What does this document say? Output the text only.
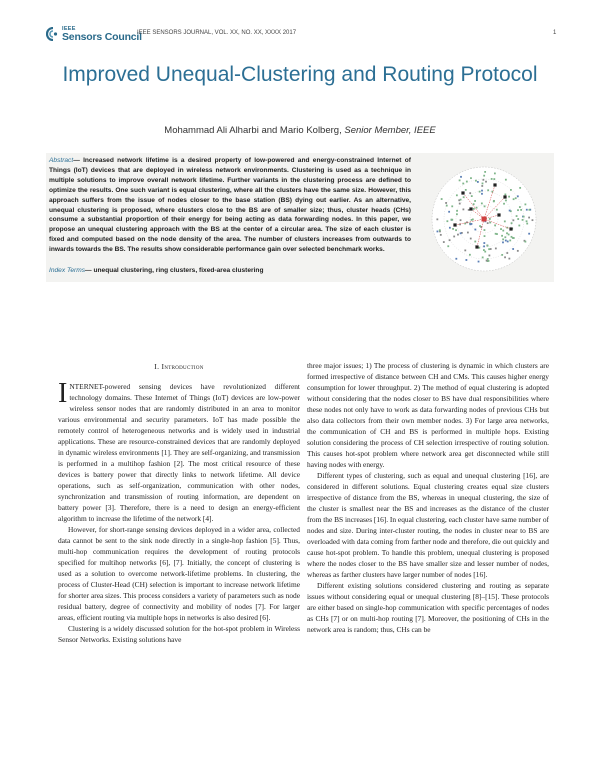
IEEE
Sensors Council
IEEE SENSORS JOURNAL, VOL. XX, NO. XX, XXXX 2017	1
Improved Unequal-Clustering and Routing Protocol
Mohammad Ali Alharbi and Mario Kolberg, Senior Member, IEEE
Abstract— Increased network lifetime is a desired property of low-powered and energy-constrained Internet of Things (IoT) devices that are deployed in wireless network environments. Clustering is used as a technique in multiple solutions to improve overall network lifetime. Further variants in the clustering process are defined to optimize the results. One such variant is equal clustering, where all the clusters have the same size. However, this approach suffers from the issue of nodes closer to the base station (BS) dying out earlier. As an alternative, unequal clustering is proposed, where clusters close to the BS are of smaller size; thus, cluster heads (CHs) consume a substantial proportion of their energy for being acting as data forwarding nodes. In this paper, we propose an unequal clustering approach with the BS at the center of a circular area. The size of each cluster is fixed and computed based on the node density of the area. The number of clusters increases from outwards to inwards towards the BS. The results show considerable performance gain over selected benchmark works.
Index Terms— unequal clustering, ring clusters, fixed-area clustering
I. Introduction

INTERNET-powered sensing devices have revolutionized different technology domains. These Internet of Things (IoT) devices are low-power wireless sensor nodes that are randomly distributed in an area to monitor various environmental and security parameters. IoT has made possible the remotely control of heterogeneous networks and is widely used in industrial applications. These are resource-constrained devices that are randomly deployed in dynamic wireless environments [1]. They are self-organizing, and transmission is performed in a multihop fashion [2]. The most critical resource of these devices is battery power that directly links to network lifetime. All device operations, such as self-organization, communication with other nodes, synchronization and transmission of routing information, are dependent on battery power [3]. Therefore, there is a need to design an energy-efficient algorithm to increase the lifetime of the network [4].

However, for short-range sensing devices deployed in a wider area, collected data cannot be sent to the sink node directly in a single-hop fashion [5]. Thus, multi-hop communication requires the development of routing protocols specified for multihop networks [6], [7]. Initially, the concept of clustering is used as a solution to overcome network-lifetime problems. In clustering, the process of Cluster-Head (CH) selection is important to increase network lifetime for shorter area sizes. This process considers a variety of parameters such as node residual battery, degree of connectivity and mobility of nodes [7]. For larger areas, efficient routing via multiple hops in networks is also desired [6].

Clustering is a widely discussed solution for the hot-spot problem in Wireless Sensor Networks. Existing solutions have

three major issues; 1) The process of clustering is dynamic in which clusters are formed irrespective of distance between CH and CMs. This causes higher energy consumption for lower throughput. 2) The method of equal clustering is adopted without considering that the nodes closer to BS have dual responsibilities where these nodes not only have to work as data forwarding nodes of previous CHs but also data collectors from their own member nodes. 3) For large area networks, the communication of CH and BS is performed in multiple hops. Existing solution considering the process of CH selection irrespective of routing solution. This causes hot-spot problem where network area get disconnected while still having nodes with energy.

Different types of clustering, such as equal and unequal clustering [16], are considered in different solutions. Equal clustering creates equal size clusters irrespective of distance from the BS, whereas in unequal clustering, the size of the cluster is smallest near the BS and increases as the distance of the cluster from the BS increases [16]. In equal clustering, each cluster have same number of nodes and size. During inter-cluster routing, the nodes in cluster near to BS are overloaded with data coming from farther node and therefore, die out quickly and cause hot-spot problem. To handle this problem, unequal clustering is proposed where the nodes closer to the BS have smaller size and lesser number of nodes, whereas as farther clusters have larger number of nodes [16].

Different existing solutions considered clustering and routing as separate issues without considering equal or unequal clustering [8]–[15]. These protocols are either based on single-hop communication with specific percentages of nodes as CHs [7] or on multi-hop routing [7]. Moreover, the positioning of CHs in the network area is random; thus, CHs can be
